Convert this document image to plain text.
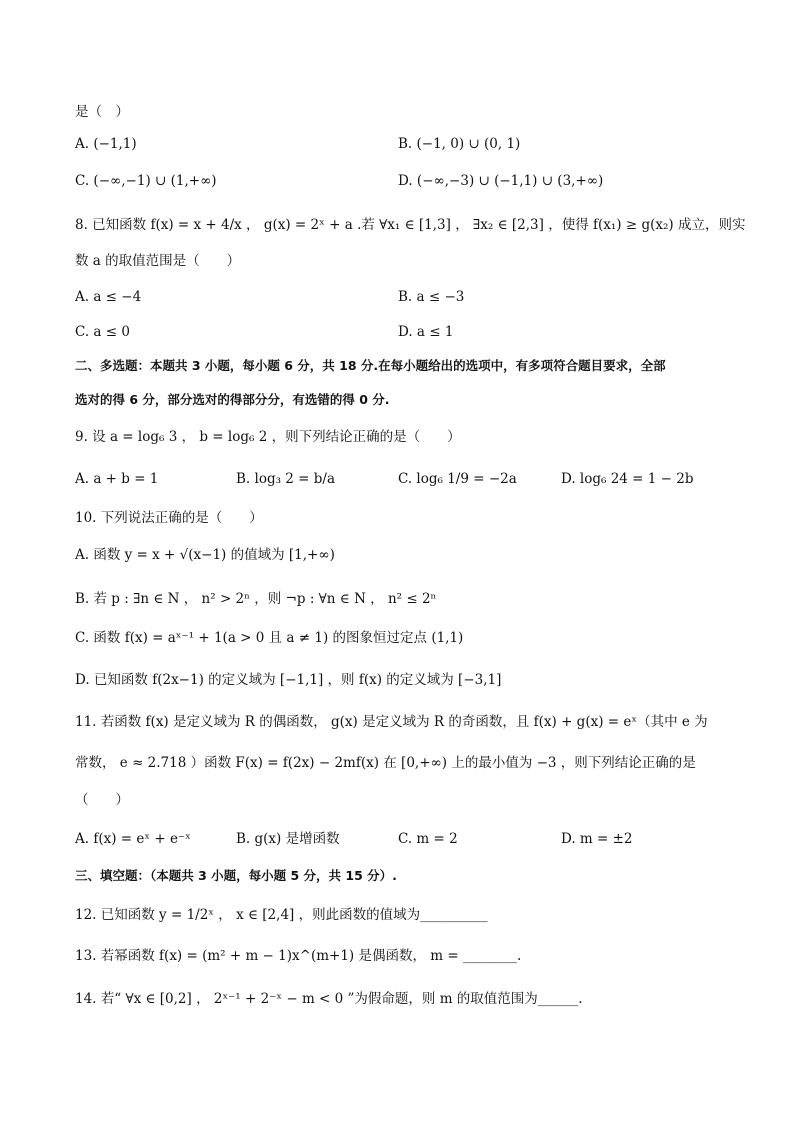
是（　）
A. (−1,1)	B. (−1, 0) ∪ (0, 1)
C. (−∞,−1) ∪ (1,+∞)	D. (−∞,−3) ∪ (−1,1) ∪ (3,+∞)
8. 已知函数 f(x) = x + 4/x ， g(x) = 2ˣ + a .若 ∀x₁ ∈ [1,3] ， ∃x₂ ∈ [2,3] ，使得 f(x₁) ≥ g(x₂) 成立，则实
数 a 的取值范围是（　　）
A. a ≤ −4	B. a ≤ −3
C. a ≤ 0	D. a ≤ 1
二、多选题：本题共 3 小题，每小题 6 分，共 18 分.在每小题给出的选项中，有多项符合题目要求，全部
选对的得 6 分，部分选对的得部分分，有选错的得 0 分.
9. 设 a = log₆ 3 ， b = log₆ 2 ，则下列结论正确的是（　　）
A. a + b = 1	B. log₃ 2 = b/a	C. log₆ 1/9 = −2a	D. log₆ 24 = 1 − 2b
10. 下列说法正确的是（　　）
A. 函数 y = x + √(x−1) 的值域为 [1,+∞)
B. 若 p : ∃n ∈ N ， n² > 2ⁿ ，则 ¬p : ∀n ∈ N ， n² ≤ 2ⁿ
C. 函数 f(x) = aˣ⁻¹ + 1(a > 0 且 a ≠ 1) 的图象恒过定点 (1,1)
D. 已知函数 f(2x−1) 的定义域为 [−1,1] ，则 f(x) 的定义域为 [−3,1]
11. 若函数 f(x) 是定义域为 R 的偶函数， g(x) 是定义域为 R 的奇函数，且 f(x) + g(x) = eˣ（其中 e 为
常数， e ≈ 2.718 ）函数 F(x) = f(2x) − 2mf(x) 在 [0,+∞) 上的最小值为 −3 ，则下列结论正确的是
（　　）
A. f(x) = eˣ + e⁻ˣ	B. g(x) 是增函数	C. m = 2	D. m = ±2
三、填空题：（本题共 3 小题，每小题 5 分，共 15 分）.
12. 已知函数 y = 1/2ˣ ， x ∈ [2,4] ，则此函数的值域为__________
13. 若幂函数 f(x) = (m² + m − 1)x^(m+1) 是偶函数， m = ________.
14. 若“ ∀x ∈ [0,2] ， 2ˣ⁻¹ + 2⁻ˣ − m < 0 ”为假命题，则 m 的取值范围为______.
